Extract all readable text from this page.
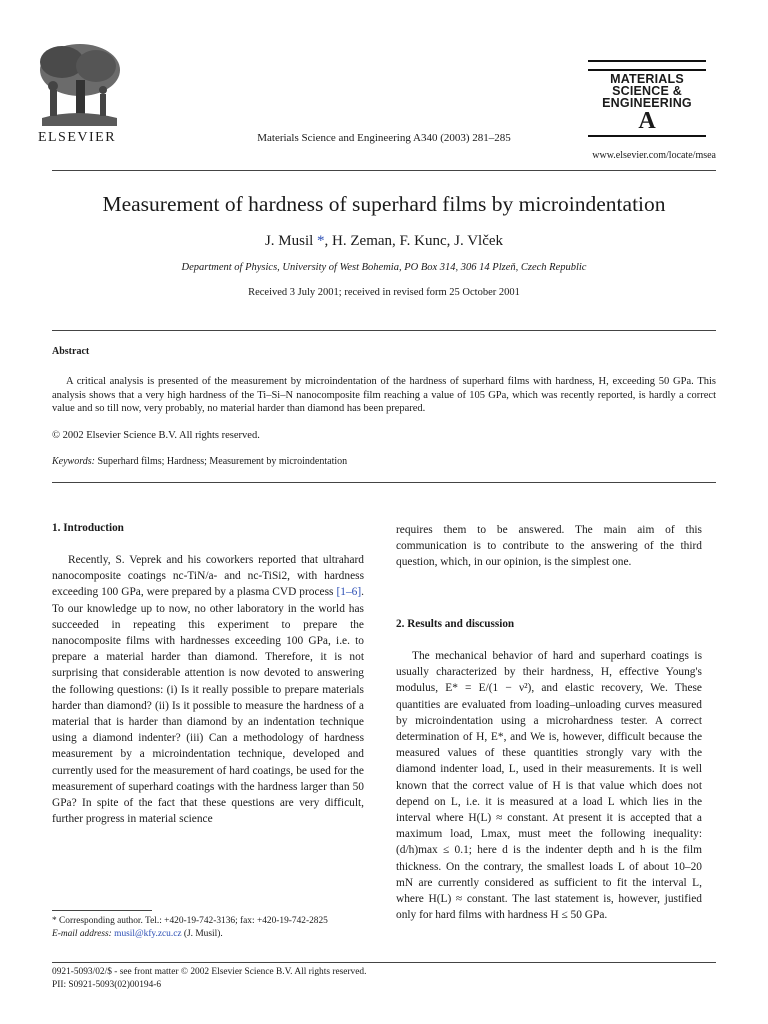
ELSEVIER	Materials Science and Engineering A340 (2003) 281–285
MATERIALS
SCIENCE &
ENGINEERING
A
www.elsevier.com/locate/msea
Measurement of hardness of superhard films by microindentation
J. Musil *, H. Zeman, F. Kunc, J. Vlček
Department of Physics, University of West Bohemia, PO Box 314, 306 14 Plzeň, Czech Republic
Received 3 July 2001; received in revised form 25 October 2001
Abstract

A critical analysis is presented of the measurement by microindentation of the hardness of superhard films with hardness, H, exceeding 50 GPa. This analysis shows that a very high hardness of the Ti–Si–N nanocomposite film reaching a value of 105 GPa, which was recently reported, is hardly a correct value and so till now, very probably, no material harder than diamond has been prepared.

© 2002 Elsevier Science B.V. All rights reserved.
Keywords: Superhard films; Hardness; Measurement by microindentation
1. Introduction

Recently, S. Veprek and his coworkers reported that ultrahard nanocomposite coatings nc-TiN/a- and nc-TiSi2, with hardness exceeding 100 GPa, were prepared by a plasma CVD process [1–6]. To our knowledge up to now, no other laboratory in the world has succeeded in repeating this experiment to prepare the nanocomposite films with hardnesses exceeding 100 GPa, i.e. to prepare a material harder than diamond. Therefore, it is not surprising that considerable attention is now devoted to answering the following questions: (i) Is it really possible to prepare materials harder than diamond? (ii) Is it possible to measure the hardness of a material that is harder than diamond by an indentation technique using a diamond indenter? (iii) Can a methodology of hardness measurement by a microindentation technique, developed and currently used for the measurement of hard coatings, be used for the measurement of superhard coatings with the hardness larger than 50 GPa? In spite of the fact that these questions are very difficult, further progress in material science

requires them to be answered. The main aim of this communication is to contribute to the answering of the third question, which, in our opinion, is the simplest one.

2. Results and discussion

The mechanical behavior of hard and superhard coatings is usually characterized by their hardness, H, effective Young's modulus, E* = E/(1 − ν²), and elastic recovery, We. These quantities are evaluated from loading–unloading curves measured by microindentation using a microhardness tester. A correct determination of H, E*, and We is, however, difficult because the measured values of these quantities strongly vary with the diamond indenter load, L, used in their measurements. It is well known that the correct value of H is that value which does not depend on L, i.e. it is measured at a load L which lies in the interval where H(L) ≈ constant. At present it is accepted that a maximum load, Lmax, must meet the following inequality: (d/h)max ≤ 0.1; here d is the indenter depth and h is the film thickness. On the contrary, the smallest loads L of about 10–20 mN are currently considered as sufficient to fit the interval L, where H(L) ≈ constant. The last statement is, however, justified only for hard films with hardness H ≤ 50 GPa.

* Corresponding author. Tel.: +420-19-742-3136; fax: +420-19-742-2825
E-mail address: musil@kfy.zcu.cz (J. Musil).
0921-5093/02/$ - see front matter © 2002 Elsevier Science B.V. All rights reserved.
PII: S0921-5093(02)00194-6
